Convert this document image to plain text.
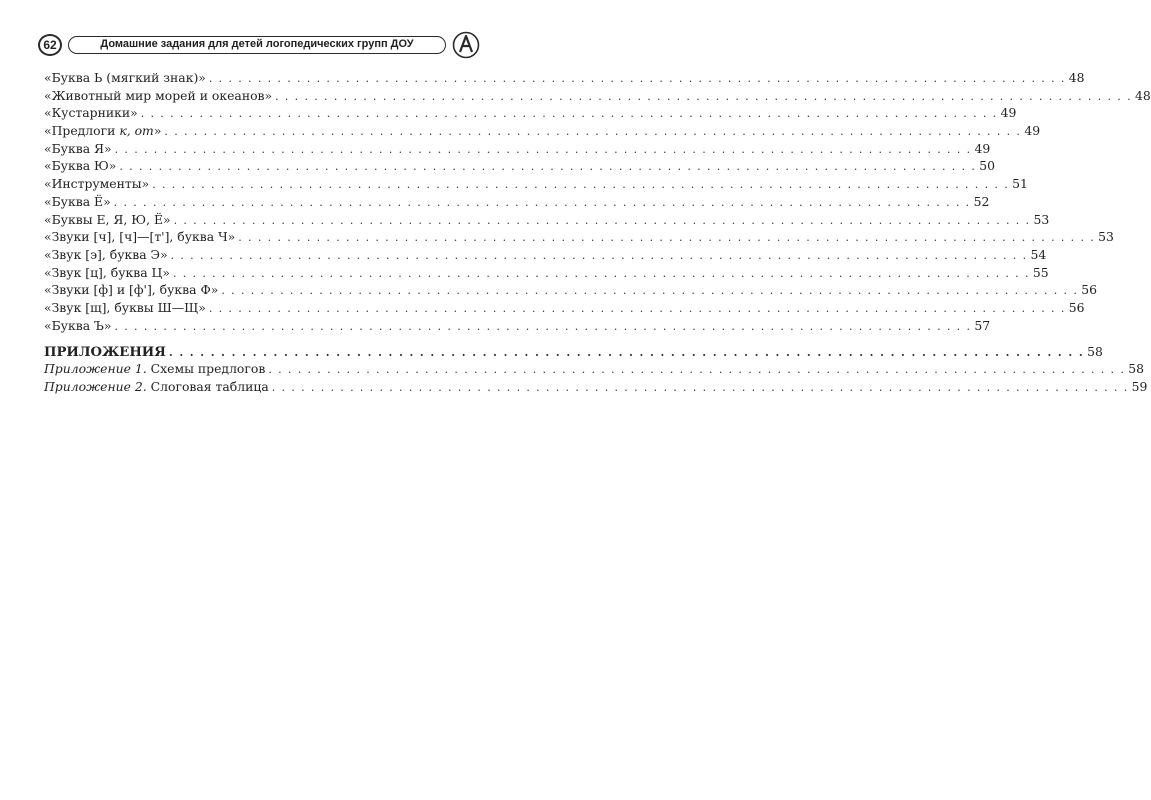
62	Домашние задания для детей логопедических групп ДОУ
«Буква Ь (мягкий знак)» . . . . . . . . . . . . . . . . . . . . . . . . . . . . . . . . . . . . . . . . . . . . . . . . . . . . . . . . . . . . . . . . . . . . . . . . . . . . . . . . . . . . . . . . 48
«Животный мир морей и океанов» . . . . . . . . . . . . . . . . . . . . . . . . . . . . . . . . . . . . . . . . . . . . . . . . . . . . . . . . . . . . . . . . . . . . . . . . . . . . . . . . . . . . . . . . 48
«Кустарники» . . . . . . . . . . . . . . . . . . . . . . . . . . . . . . . . . . . . . . . . . . . . . . . . . . . . . . . . . . . . . . . . . . . . . . . . . . . . . . . . . . . . . . . . 49
«Предлоги к, от» . . . . . . . . . . . . . . . . . . . . . . . . . . . . . . . . . . . . . . . . . . . . . . . . . . . . . . . . . . . . . . . . . . . . . . . . . . . . . . . . . . . . . . . . 49
«Буква Я» . . . . . . . . . . . . . . . . . . . . . . . . . . . . . . . . . . . . . . . . . . . . . . . . . . . . . . . . . . . . . . . . . . . . . . . . . . . . . . . . . . . . . . . . 49
«Буква Ю» . . . . . . . . . . . . . . . . . . . . . . . . . . . . . . . . . . . . . . . . . . . . . . . . . . . . . . . . . . . . . . . . . . . . . . . . . . . . . . . . . . . . . . . . 50
«Инструменты» . . . . . . . . . . . . . . . . . . . . . . . . . . . . . . . . . . . . . . . . . . . . . . . . . . . . . . . . . . . . . . . . . . . . . . . . . . . . . . . . . . . . . . . . 51
«Буква Ё» . . . . . . . . . . . . . . . . . . . . . . . . . . . . . . . . . . . . . . . . . . . . . . . . . . . . . . . . . . . . . . . . . . . . . . . . . . . . . . . . . . . . . . . . 52
«Буквы Е, Я, Ю, Ё» . . . . . . . . . . . . . . . . . . . . . . . . . . . . . . . . . . . . . . . . . . . . . . . . . . . . . . . . . . . . . . . . . . . . . . . . . . . . . . . . . . . . . . . . 53
«Звуки [ч], [ч]—[т'], буква Ч» . . . . . . . . . . . . . . . . . . . . . . . . . . . . . . . . . . . . . . . . . . . . . . . . . . . . . . . . . . . . . . . . . . . . . . . . . . . . . . . . . . . . . . . . 53
«Звук [э], буква Э» . . . . . . . . . . . . . . . . . . . . . . . . . . . . . . . . . . . . . . . . . . . . . . . . . . . . . . . . . . . . . . . . . . . . . . . . . . . . . . . . . . . . . . . . 54
«Звук [ц], буква Ц» . . . . . . . . . . . . . . . . . . . . . . . . . . . . . . . . . . . . . . . . . . . . . . . . . . . . . . . . . . . . . . . . . . . . . . . . . . . . . . . . . . . . . . . . 55
«Звуки [ф] и [ф'], буква Ф» . . . . . . . . . . . . . . . . . . . . . . . . . . . . . . . . . . . . . . . . . . . . . . . . . . . . . . . . . . . . . . . . . . . . . . . . . . . . . . . . . . . . . . . . 56
«Звук [щ], буквы Ш—Щ» . . . . . . . . . . . . . . . . . . . . . . . . . . . . . . . . . . . . . . . . . . . . . . . . . . . . . . . . . . . . . . . . . . . . . . . . . . . . . . . . . . . . . . . . 56
«Буква Ъ» . . . . . . . . . . . . . . . . . . . . . . . . . . . . . . . . . . . . . . . . . . . . . . . . . . . . . . . . . . . . . . . . . . . . . . . . . . . . . . . . . . . . . . . . 57
ПРИЛОЖЕНИЯ . . . . . . . . . . . . . . . . . . . . . . . . . . . . . . . . . . . . . . . . . . . . . . . . . . . . . . . . . . . . . . . . . . . . . . . . . . . . . . . . . . . . . . . . 58
Приложение 1. Схемы предлогов . . . . . . . . . . . . . . . . . . . . . . . . . . . . . . . . . . . . . . . . . . . . . . . . . . . . . . . . . . . . . . . . . . . . . . . . . . . . . . . . . . . . . . . . 58
Приложение 2. Слоговая таблица . . . . . . . . . . . . . . . . . . . . . . . . . . . . . . . . . . . . . . . . . . . . . . . . . . . . . . . . . . . . . . . . . . . . . . . . . . . . . . . . . . . . . . . . 59
